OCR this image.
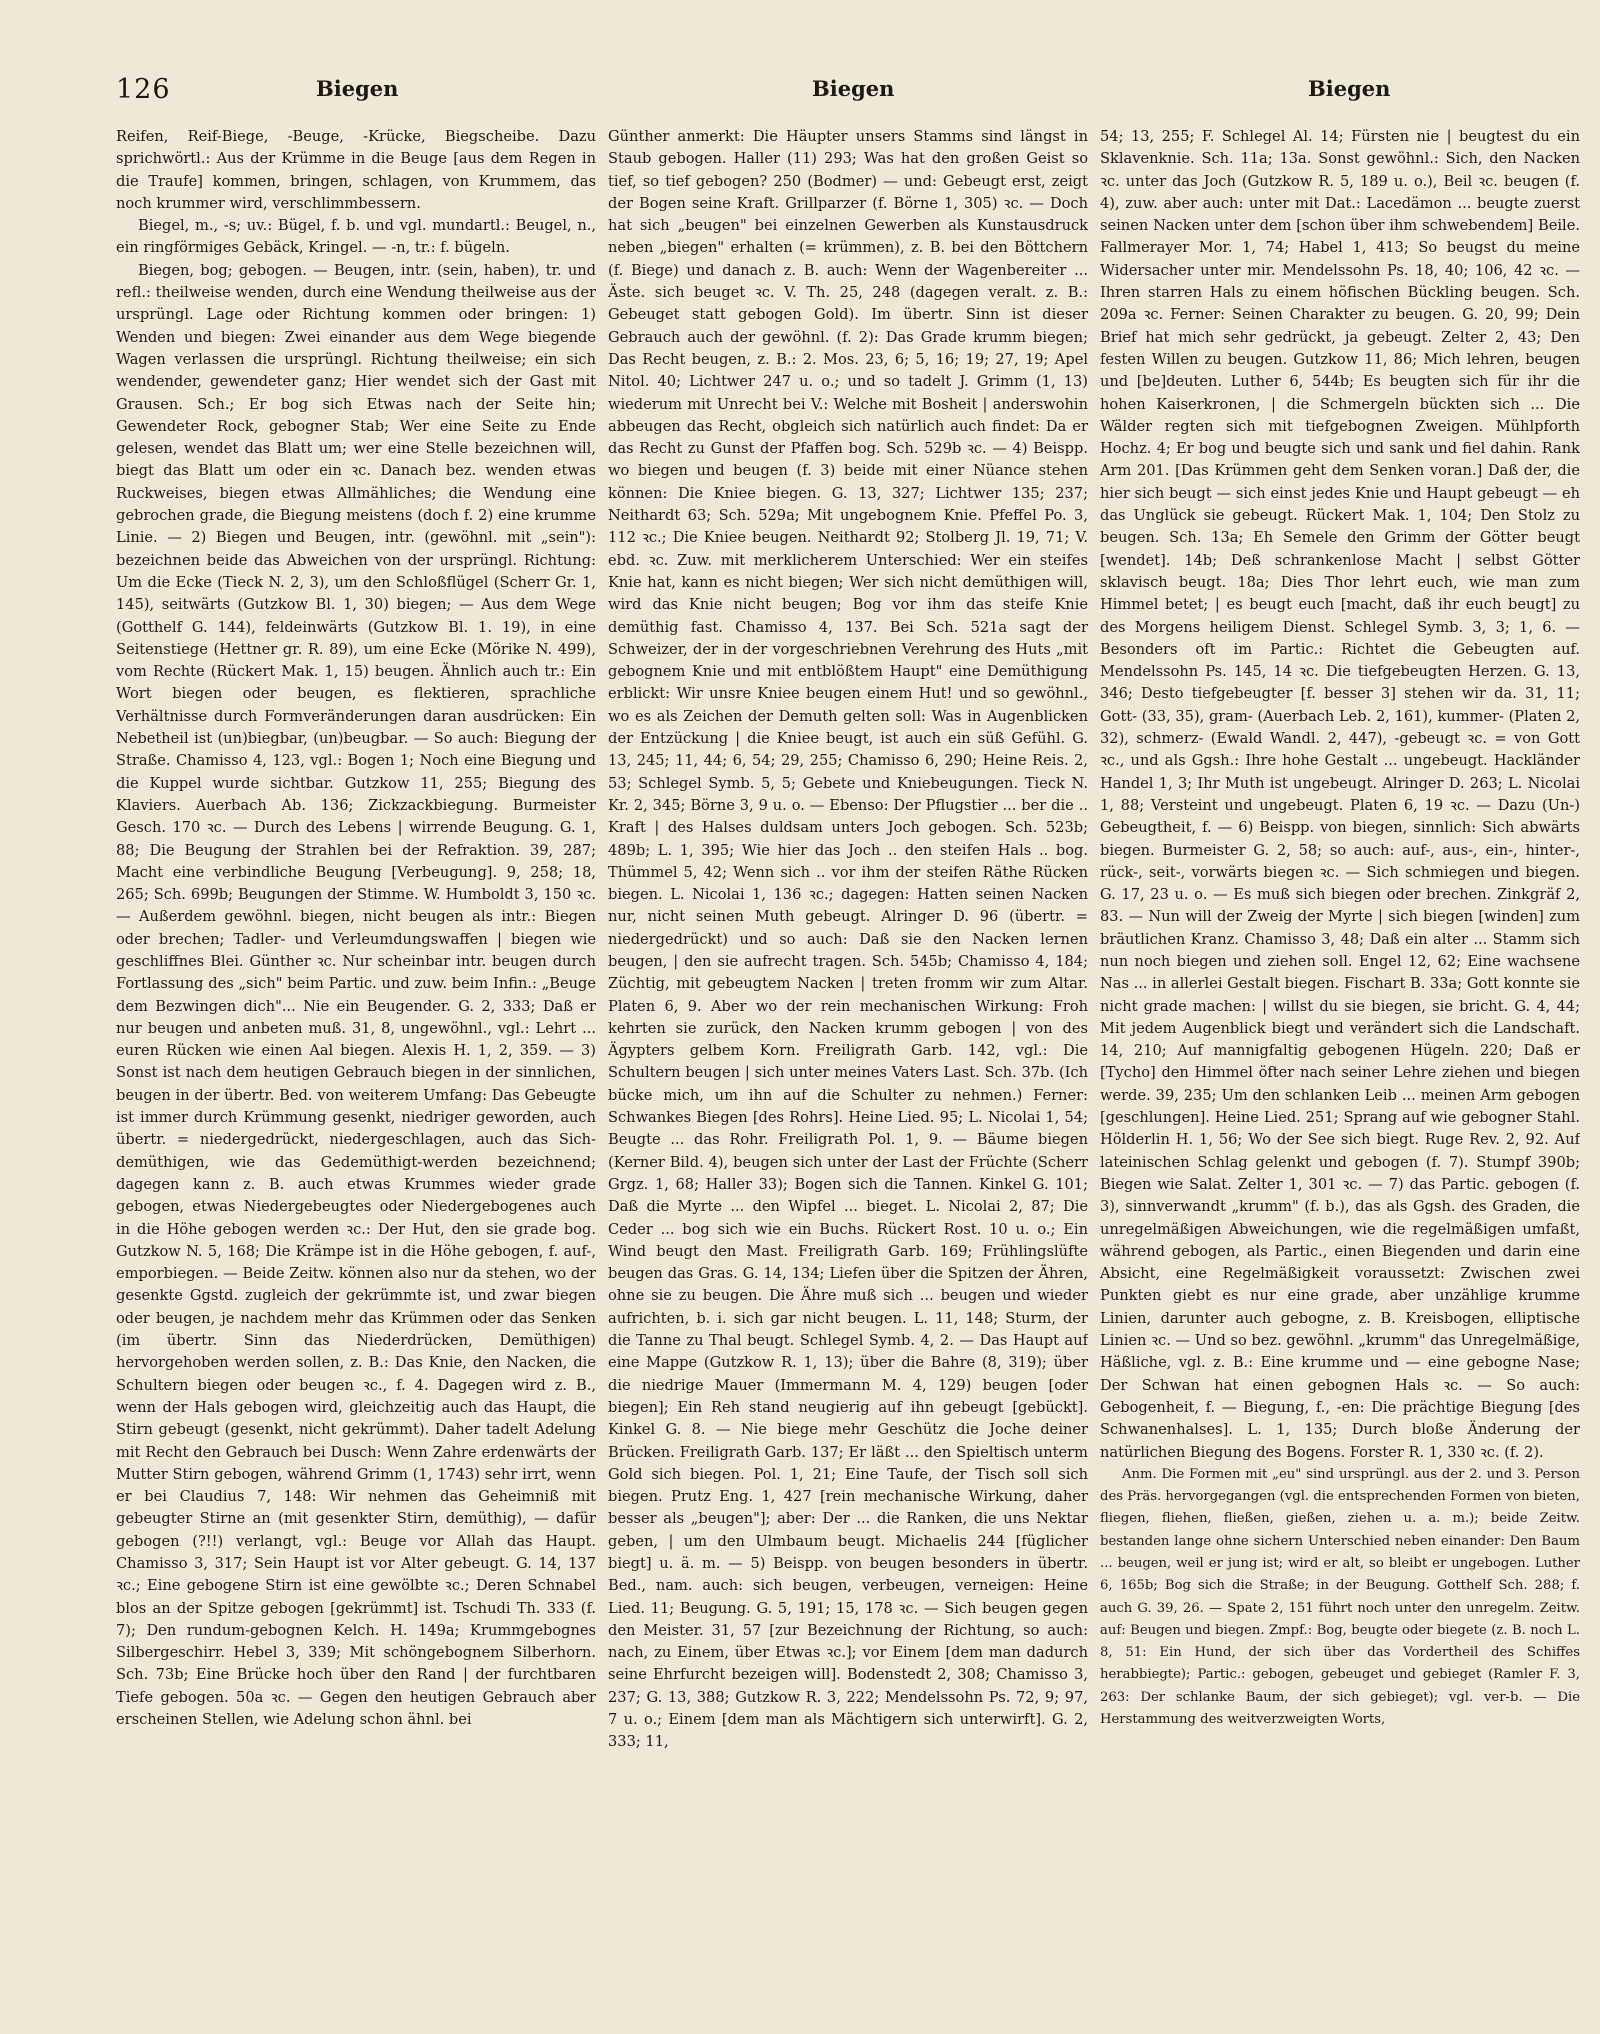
126	Biegen	Biegen	Biegen

Reifen, Reif-Biege, -Beuge, -Krücke, Biegscheibe. Dazu sprichwörtl.: Aus der Krümme in die Beuge [aus dem Regen in die Traufe] kommen, bringen, schlagen, von Krummem, das noch krummer wird, verschlimmbessern.

Biegel, m., -s; uv.: Bügel, f. b. und vgl. mundartl.: Beugel, n., ein ringförmiges Gebäck, Kringel. — -n, tr.: f. bügeln.

Biegen, bog; gebogen. — Beugen, intr. (sein, haben), tr. und refl.: theilweise wenden, durch eine Wendung theilweise aus der ursprüngl. Lage oder Richtung kommen oder bringen: 1) Wenden und biegen: Zwei einander aus dem Wege biegende Wagen verlassen die ursprüngl. Richtung theilweise; ein sich wendender, gewendeter ganz; Hier wendet sich der Gast mit Grausen. Sch.; Er bog sich Etwas nach der Seite hin; Gewendeter Rock, gebogner Stab; Wer eine Seite zu Ende gelesen, wendet das Blatt um; wer eine Stelle bezeichnen will, biegt das Blatt um oder ein ꝛc. Danach bez. wenden etwas Ruckweises, biegen etwas Allmähliches; die Wendung eine gebrochen grade, die Biegung meistens (doch f. 2) eine krumme Linie. — 2) Biegen und Beugen, intr. (gewöhnl. mit „sein"): bezeichnen beide das Abweichen von der ursprüngl. Richtung: Um die Ecke (Tieck N. 2, 3), um den Schloßflügel (Scherr Gr. 1, 145), seitwärts (Gutzkow Bl. 1, 30) biegen; — Aus dem Wege (Gotthelf G. 144), feldeinwärts (Gutzkow Bl. 1. 19), in eine Seitenstiege (Hettner gr. R. 89), um eine Ecke (Mörike N. 499), vom Rechte (Rückert Mak. 1, 15) beugen. Ähnlich auch tr.: Ein Wort biegen oder beugen, es flektieren, sprachliche Verhältnisse durch Formveränderungen daran ausdrücken: Ein Nebetheil ist (un)biegbar, (un)beugbar. — So auch: Biegung der Straße. Chamisso 4, 123, vgl.: Bogen 1; Noch eine Biegung und die Kuppel wurde sichtbar. Gutzkow 11, 255; Biegung des Klaviers. Auerbach Ab. 136; Zickzackbiegung. Burmeister Gesch. 170 ꝛc. — Durch des Lebens | wirrende Beugung. G. 1, 88; Die Beugung der Strahlen bei der Refraktion. 39, 287; Macht eine verbindliche Beugung [Verbeugung]. 9, 258; 18, 265; Sch. 699b; Beugungen der Stimme. W. Humboldt 3, 150 ꝛc. — Außerdem gewöhnl. biegen, nicht beugen als intr.: Biegen oder brechen; Tadler- und Verleumdungswaffen | biegen wie geschliffnes Blei. Günther ꝛc. Nur scheinbar intr. beugen durch Fortlassung des „sich" beim Partic. und zuw. beim Infin.: „Beuge dem Bezwingen dich"... Nie ein Beugender. G. 2, 333; Daß er nur beugen und anbeten muß. 31, 8, ungewöhnl., vgl.: Lehrt ... euren Rücken wie einen Aal biegen. Alexis H. 1, 2, 359. — 3) Sonst ist nach dem heutigen Gebrauch biegen in der sinnlichen, beugen in der übertr. Bed. von weiterem Umfang: Das Gebeugte ist immer durch Krümmung gesenkt, niedriger geworden, auch übertr. = niedergedrückt, niedergeschlagen, auch das Sich-demüthigen, wie das Gedemüthigt-werden bezeichnend; dagegen kann z. B. auch etwas Krummes wieder grade gebogen, etwas Niedergebeugtes oder Niedergebogenes auch in die Höhe gebogen werden ꝛc.: Der Hut, den sie grade bog. Gutzkow N. 5, 168; Die Krämpe ist in die Höhe gebogen, f. auf-, emporbiegen. — Beide Zeitw. können also nur da stehen, wo der gesenkte Ggstd. zugleich der gekrümmte ist, und zwar biegen oder beugen, je nachdem mehr das Krümmen oder das Senken (im übertr. Sinn das Niederdrücken, Demüthigen) hervorgehoben werden sollen, z. B.: Das Knie, den Nacken, die Schultern biegen oder beugen ꝛc., f. 4. Dagegen wird z. B., wenn der Hals gebogen wird, gleichzeitig auch das Haupt, die Stirn gebeugt (gesenkt, nicht gekrümmt). Daher tadelt Adelung mit Recht den Gebrauch bei Dusch: Wenn Zahre erdenwärts der Mutter Stirn gebogen, während Grimm (1, 1743) sehr irrt, wenn er bei Claudius 7, 148: Wir nehmen das Geheimniß mit gebeugter Stirne an (mit gesenkter Stirn, demüthig), — dafür gebogen (?!!) verlangt, vgl.: Beuge vor Allah das Haupt. Chamisso 3, 317; Sein Haupt ist vor Alter gebeugt. G. 14, 137 ꝛc.; Eine gebogene Stirn ist eine gewölbte ꝛc.; Deren Schnabel blos an der Spitze gebogen [gekrümmt] ist. Tschudi Th. 333 (f. 7); Den rundum-gebognen Kelch. H. 149a; Krummgebognes Silbergeschirr. Hebel 3, 339; Mit schöngebognem Silberhorn. Sch. 73b; Eine Brücke hoch über den Rand | der furchtbaren Tiefe gebogen. 50a ꝛc. — Gegen den heutigen Gebrauch aber erscheinen Stellen, wie Adelung schon ähnl. bei

Günther anmerkt: Die Häupter unsers Stamms sind längst in Staub gebogen. Haller (11) 293; Was hat den großen Geist so tief, so tief gebogen? 250 (Bodmer) — und: Gebeugt erst, zeigt der Bogen seine Kraft. Grillparzer (f. Börne 1, 305) ꝛc. — Doch hat sich „beugen" bei einzelnen Gewerben als Kunstausdruck neben „biegen" erhalten (= krümmen), z. B. bei den Böttchern (f. Biege) und danach z. B. auch: Wenn der Wagenbereiter ... Äste. sich beuget ꝛc. V. Th. 25, 248 (dagegen veralt. z. B.: Gebeuget statt gebogen Gold). Im übertr. Sinn ist dieser Gebrauch auch der gewöhnl. (f. 2): Das Grade krumm biegen; Das Recht beugen, z. B.: 2. Mos. 23, 6; 5, 16; 19; 27, 19; Apel Nitol. 40; Lichtwer 247 u. o.; und so tadelt J. Grimm (1, 13) wiederum mit Unrecht bei V.: Welche mit Bosheit | anderswohin abbeugen das Recht, obgleich sich natürlich auch findet: Da er das Recht zu Gunst der Pfaffen bog. Sch. 529b ꝛc. — 4) Beispp. wo biegen und beugen (f. 3) beide mit einer Nüance stehen können: Die Kniee biegen. G. 13, 327; Lichtwer 135; 237; Neithardt 63; Sch. 529a; Mit ungebognem Knie. Pfeffel Po. 3, 112 ꝛc.; Die Kniee beugen. Neithardt 92; Stolberg Jl. 19, 71; V. ebd. ꝛc. Zuw. mit merklicherem Unterschied: Wer ein steifes Knie hat, kann es nicht biegen; Wer sich nicht demüthigen will, wird das Knie nicht beugen; Bog vor ihm das steife Knie demüthig fast. Chamisso 4, 137. Bei Sch. 521a sagt der Schweizer, der in der vorgeschriebnen Verehrung des Huts „mit gebognem Knie und mit entblößtem Haupt" eine Demüthigung erblickt: Wir unsre Kniee beugen einem Hut! und so gewöhnl., wo es als Zeichen der Demuth gelten soll: Was in Augenblicken der Entzückung | die Kniee beugt, ist auch ein süß Gefühl. G. 13, 245; 11, 44; 6, 54; 29, 255; Chamisso 6, 290; Heine Reis. 2, 53; Schlegel Symb. 5, 5; Gebete und Kniebeugungen. Tieck N. Kr. 2, 345; Börne 3, 9 u. o. — Ebenso: Der Pflugstier ... ber die .. Kraft | des Halses duldsam unters Joch gebogen. Sch. 523b; 489b; L. 1, 395; Wie hier das Joch .. den steifen Hals .. bog. Thümmel 5, 42; Wenn sich .. vor ihm der steifen Räthe Rücken biegen. L. Nicolai 1, 136 ꝛc.; dagegen: Hatten seinen Nacken nur, nicht seinen Muth gebeugt. Alringer D. 96 (übertr. = niedergedrückt) und so auch: Daß sie den Nacken lernen beugen, | den sie aufrecht tragen. Sch. 545b; Chamisso 4, 184; Züchtig, mit gebeugtem Nacken | treten fromm wir zum Altar. Platen 6, 9. Aber wo der rein mechanischen Wirkung: Froh kehrten sie zurück, den Nacken krumm gebogen | von des Ägypters gelbem Korn. Freiligrath Garb. 142, vgl.: Die Schultern beugen | sich unter meines Vaters Last. Sch. 37b. (Ich bücke mich, um ihn auf die Schulter zu nehmen.) Ferner: Schwankes Biegen [des Rohrs]. Heine Lied. 95; L. Nicolai 1, 54; Beugte ... das Rohr. Freiligrath Pol. 1, 9. — Bäume biegen (Kerner Bild. 4), beugen sich unter der Last der Früchte (Scherr Grgz. 1, 68; Haller 33); Bogen sich die Tannen. Kinkel G. 101; Daß die Myrte ... den Wipfel ... bieget. L. Nicolai 2, 87; Die Ceder ... bog sich wie ein Buchs. Rückert Rost. 10 u. o.; Ein Wind beugt den Mast. Freiligrath Garb. 169; Frühlingslüfte beugen das Gras. G. 14, 134; Liefen über die Spitzen der Ähren, ohne sie zu beugen. Die Ähre muß sich ... beugen und wieder aufrichten, b. i. sich gar nicht beugen. L. 11, 148; Sturm, der die Tanne zu Thal beugt. Schlegel Symb. 4, 2. — Das Haupt auf eine Mappe (Gutzkow R. 1, 13); über die Bahre (8, 319); über die niedrige Mauer (Immermann M. 4, 129) beugen [oder biegen]; Ein Reh stand neugierig auf ihn gebeugt [gebückt]. Kinkel G. 8. — Nie biege mehr Geschütz die Joche deiner Brücken. Freiligrath Garb. 137; Er läßt ... den Spieltisch unterm Gold sich biegen. Pol. 1, 21; Eine Taufe, der Tisch soll sich biegen. Prutz Eng. 1, 427 [rein mechanische Wirkung, daher besser als „beugen"]; aber: Der ... die Ranken, die uns Nektar geben, | um den Ulmbaum beugt. Michaelis 244 [füglicher biegt] u. ä. m. — 5) Beispp. von beugen besonders in übertr. Bed., nam. auch: sich beugen, verbeugen, verneigen: Heine Lied. 11; Beugung. G. 5, 191; 15, 178 ꝛc. — Sich beugen gegen den Meister. 31, 57 [zur Bezeichnung der Richtung, so auch: nach, zu Einem, über Etwas ꝛc.]; vor Einem [dem man dadurch seine Ehrfurcht bezeigen will]. Bodenstedt 2, 308; Chamisso 3, 237; G. 13, 388; Gutzkow R. 3, 222; Mendelssohn Ps. 72, 9; 97, 7 u. o.; Einem [dem man als Mächtigern sich unterwirft]. G. 2, 333; 11,

54; 13, 255; F. Schlegel Al. 14; Fürsten nie | beugtest du ein Sklavenknie. Sch. 11a; 13a. Sonst gewöhnl.: Sich, den Nacken ꝛc. unter das Joch (Gutzkow R. 5, 189 u. o.), Beil ꝛc. beugen (f. 4), zuw. aber auch: unter mit Dat.: Lacedämon ... beugte zuerst seinen Nacken unter dem [schon über ihm schwebendem] Beile. Fallmerayer Mor. 1, 74; Habel 1, 413; So beugst du meine Widersacher unter mir. Mendelssohn Ps. 18, 40; 106, 42 ꝛc. — Ihren starren Hals zu einem höfischen Bückling beugen. Sch. 209a ꝛc. Ferner: Seinen Charakter zu beugen. G. 20, 99; Dein Brief hat mich sehr gedrückt, ja gebeugt. Zelter 2, 43; Den festen Willen zu beugen. Gutzkow 11, 86; Mich lehren, beugen und [be]deuten. Luther 6, 544b; Es beugten sich für ihr die hohen Kaiserkronen, | die Schmergeln bückten sich ... Die Wälder regten sich mit tiefgebognen Zweigen. Mühlpforth Hochz. 4; Er bog und beugte sich und sank und fiel dahin. Rank Arm 201. [Das Krümmen geht dem Senken voran.] Daß der, die hier sich beugt — sich einst jedes Knie und Haupt gebeugt — eh das Unglück sie gebeugt. Rückert Mak. 1, 104; Den Stolz zu beugen. Sch. 13a; Eh Semele den Grimm der Götter beugt [wendet]. 14b; Deß schrankenlose Macht | selbst Götter sklavisch beugt. 18a; Dies Thor lehrt euch, wie man zum Himmel betet; | es beugt euch [macht, daß ihr euch beugt] zu des Morgens heiligem Dienst. Schlegel Symb. 3, 3; 1, 6. — Besonders oft im Partic.: Richtet die Gebeugten auf. Mendelssohn Ps. 145, 14 ꝛc. Die tiefgebeugten Herzen. G. 13, 346; Desto tiefgebeugter [f. besser 3] stehen wir da. 31, 11; Gott- (33, 35), gram- (Auerbach Leb. 2, 161), kummer- (Platen 2, 32), schmerz- (Ewald Wandl. 2, 447), -gebeugt ꝛc. = von Gott ꝛc., und als Ggsh.: Ihre hohe Gestalt ... ungebeugt. Hackländer Handel 1, 3; Ihr Muth ist ungebeugt. Alringer D. 263; L. Nicolai 1, 88; Versteint und ungebeugt. Platen 6, 19 ꝛc. — Dazu (Un-) Gebeugtheit, f. — 6) Beispp. von biegen, sinnlich: Sich abwärts biegen. Burmeister G. 2, 58; so auch: auf-, aus-, ein-, hinter-, rück-, seit-, vorwärts biegen ꝛc. — Sich schmiegen und biegen. G. 17, 23 u. o. — Es muß sich biegen oder brechen. Zinkgräf 2, 83. — Nun will der Zweig der Myrte | sich biegen [winden] zum bräutlichen Kranz. Chamisso 3, 48; Daß ein alter ... Stamm sich nun noch biegen und ziehen soll. Engel 12, 62; Eine wachsene Nas ... in allerlei Gestalt biegen. Fischart B. 33a; Gott konnte sie nicht grade machen: | willst du sie biegen, sie bricht. G. 4, 44; Mit jedem Augenblick biegt und verändert sich die Landschaft. 14, 210; Auf mannigfaltig gebogenen Hügeln. 220; Daß er [Tycho] den Himmel öfter nach seiner Lehre ziehen und biegen werde. 39, 235; Um den schlanken Leib ... meinen Arm gebogen [geschlungen]. Heine Lied. 251; Sprang auf wie gebogner Stahl. Hölderlin H. 1, 56; Wo der See sich biegt. Ruge Rev. 2, 92. Auf lateinischen Schlag gelenkt und gebogen (f. 7). Stumpf 390b; Biegen wie Salat. Zelter 1, 301 ꝛc. — 7) das Partic. gebogen (f. 3), sinnverwandt „krumm" (f. b.), das als Ggsh. des Graden, die unregelmäßigen Abweichungen, wie die regelmäßigen umfaßt, während gebogen, als Partic., einen Biegenden und darin eine Absicht, eine Regelmäßigkeit voraussetzt: Zwischen zwei Punkten giebt es nur eine grade, aber unzählige krumme Linien, darunter auch gebogne, z. B. Kreisbogen, elliptische Linien ꝛc. — Und so bez. gewöhnl. „krumm" das Unregelmäßige, Häßliche, vgl. z. B.: Eine krumme und — eine gebogne Nase; Der Schwan hat einen gebognen Hals ꝛc. — So auch: Gebogenheit, f. — Biegung, f., -en: Die prächtige Biegung [des Schwanenhalses]. L. 1, 135; Durch bloße Änderung der natürlichen Biegung des Bogens. Forster R. 1, 330 ꝛc. (f. 2).

Anm. Die Formen mit „eu" sind ursprüngl. aus der 2. und 3. Person des Präs. hervorgegangen (vgl. die entsprechenden Formen von bieten, fliegen, fliehen, fließen, gießen, ziehen u. a. m.); beide Zeitw. bestanden lange ohne sichern Unterschied neben einander: Den Baum ... beugen, weil er jung ist; wird er alt, so bleibt er ungebogen. Luther 6, 165b; Bog sich die Straße; in der Beugung. Gotthelf Sch. 288; f. auch G. 39, 26. — Spate 2, 151 führt noch unter den unregelm. Zeitw. auf: Beugen und biegen. Zmpf.: Bog, beugte oder biegete (z. B. noch L. 8, 51: Ein Hund, der sich über das Vordertheil des Schiffes herabbiegte); Partic.: gebogen, gebeuget und gebieget (Ramler F. 3, 263: Der schlanke Baum, der sich gebieget); vgl. ver-b. — Die Herstammung des weitverzweigten Worts,
